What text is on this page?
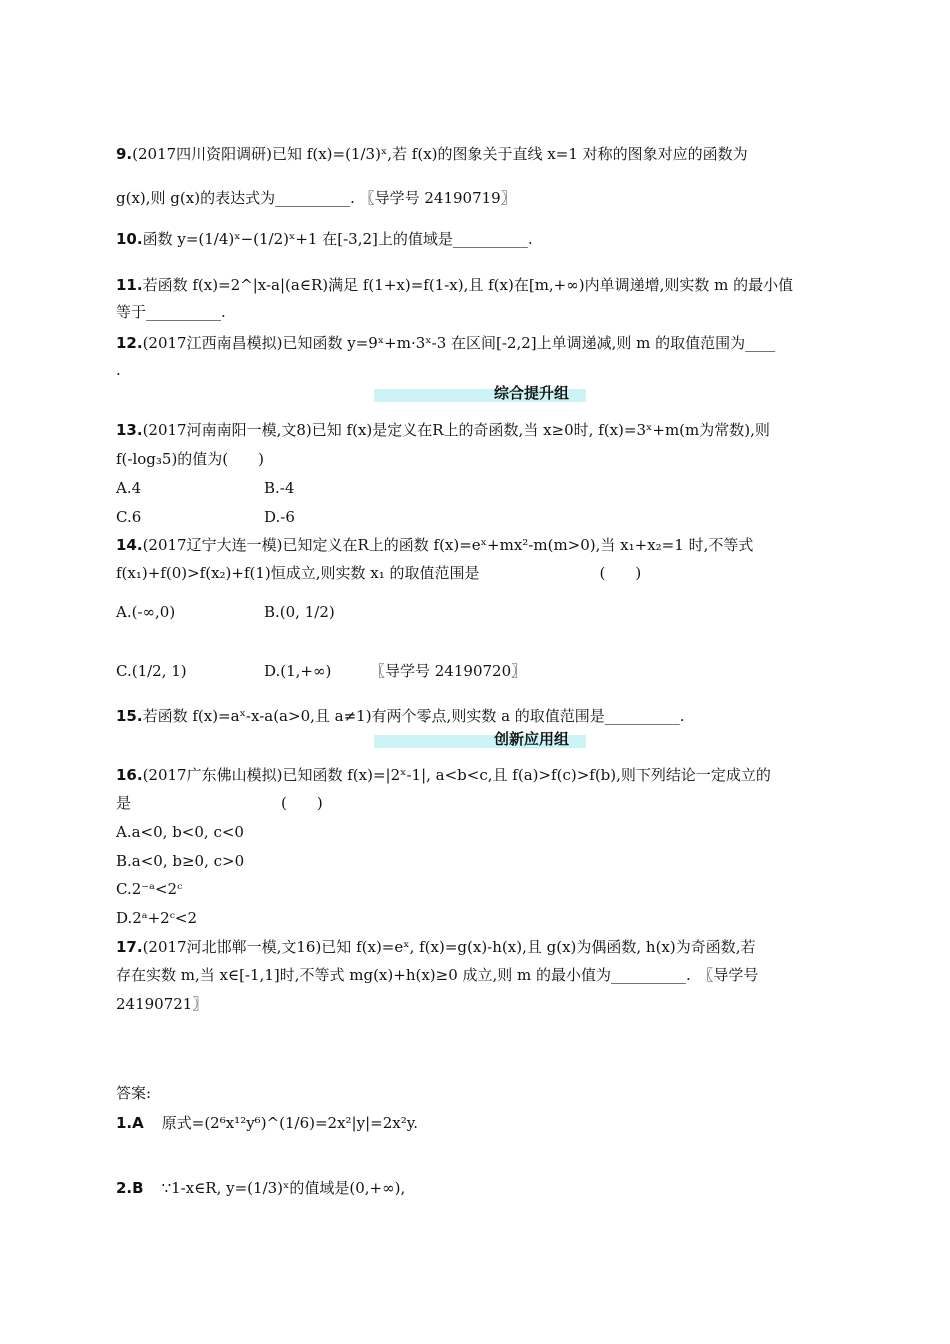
9.(2017四川资阳调研)已知 f(x)=(1/3)ˣ,若 f(x)的图象关于直线 x=1 对称的图象对应的函数为
g(x),则 g(x)的表达式为__________. 〖导学号 24190719〗
10.函数 y=(1/4)ˣ−(1/2)ˣ+1 在[-3,2]上的值域是__________.
11.若函数 f(x)=2^|x-a|(a∈R)满足 f(1+x)=f(1-x),且 f(x)在[m,+∞)内单调递增,则实数 m 的最小值
等于__________.
12.(2017江西南昌模拟)已知函数 y=9ˣ+m·3ˣ-3 在区间[-2,2]上单调递减,则 m 的取值范围为____
.
综合提升组
13.(2017河南南阳一模,文8)已知 f(x)是定义在R上的奇函数,当 x≥0时, f(x)=3ˣ+m(m为常数),则
f(-log₃5)的值为(　　)
A.4	B.-4
C.6	D.-6
14.(2017辽宁大连一模)已知定义在R上的函数 f(x)=eˣ+mx²-m(m>0),当 x₁+x₂=1 时,不等式
f(x₁)+f(0)>f(x₂)+f(1)恒成立,则实数 x₁ 的取值范围是　　　　　　　　(　　)
A.(-∞,0)	B.(0, 1/2)
C.(1/2, 1)	D.(1,+∞)	〖导学号 24190720〗
15.若函数 f(x)=aˣ-x-a(a>0,且 a≠1)有两个零点,则实数 a 的取值范围是__________.
创新应用组
16.(2017广东佛山模拟)已知函数 f(x)=|2ˣ-1|, a<b<c,且 f(a)>f(c)>f(b),则下列结论一定成立的
是　　　　　　　　　　(　　)
A.a<0, b<0, c<0
B.a<0, b≥0, c>0
C.2⁻ᵃ<2ᶜ
D.2ᵃ+2ᶜ<2
17.(2017河北邯郸一模,文16)已知 f(x)=eˣ, f(x)=g(x)-h(x),且 g(x)为偶函数, h(x)为奇函数,若
存在实数 m,当 x∈[-1,1]时,不等式 mg(x)+h(x)≥0 成立,则 m 的最小值为__________.　〖导学号
24190721〗
答案:
1.A 原式=(2⁶x¹²y⁶)^(1/6)=2x²|y|=2x²y.
2.B ∵1-x∈R, y=(1/3)ˣ的值域是(0,+∞),
